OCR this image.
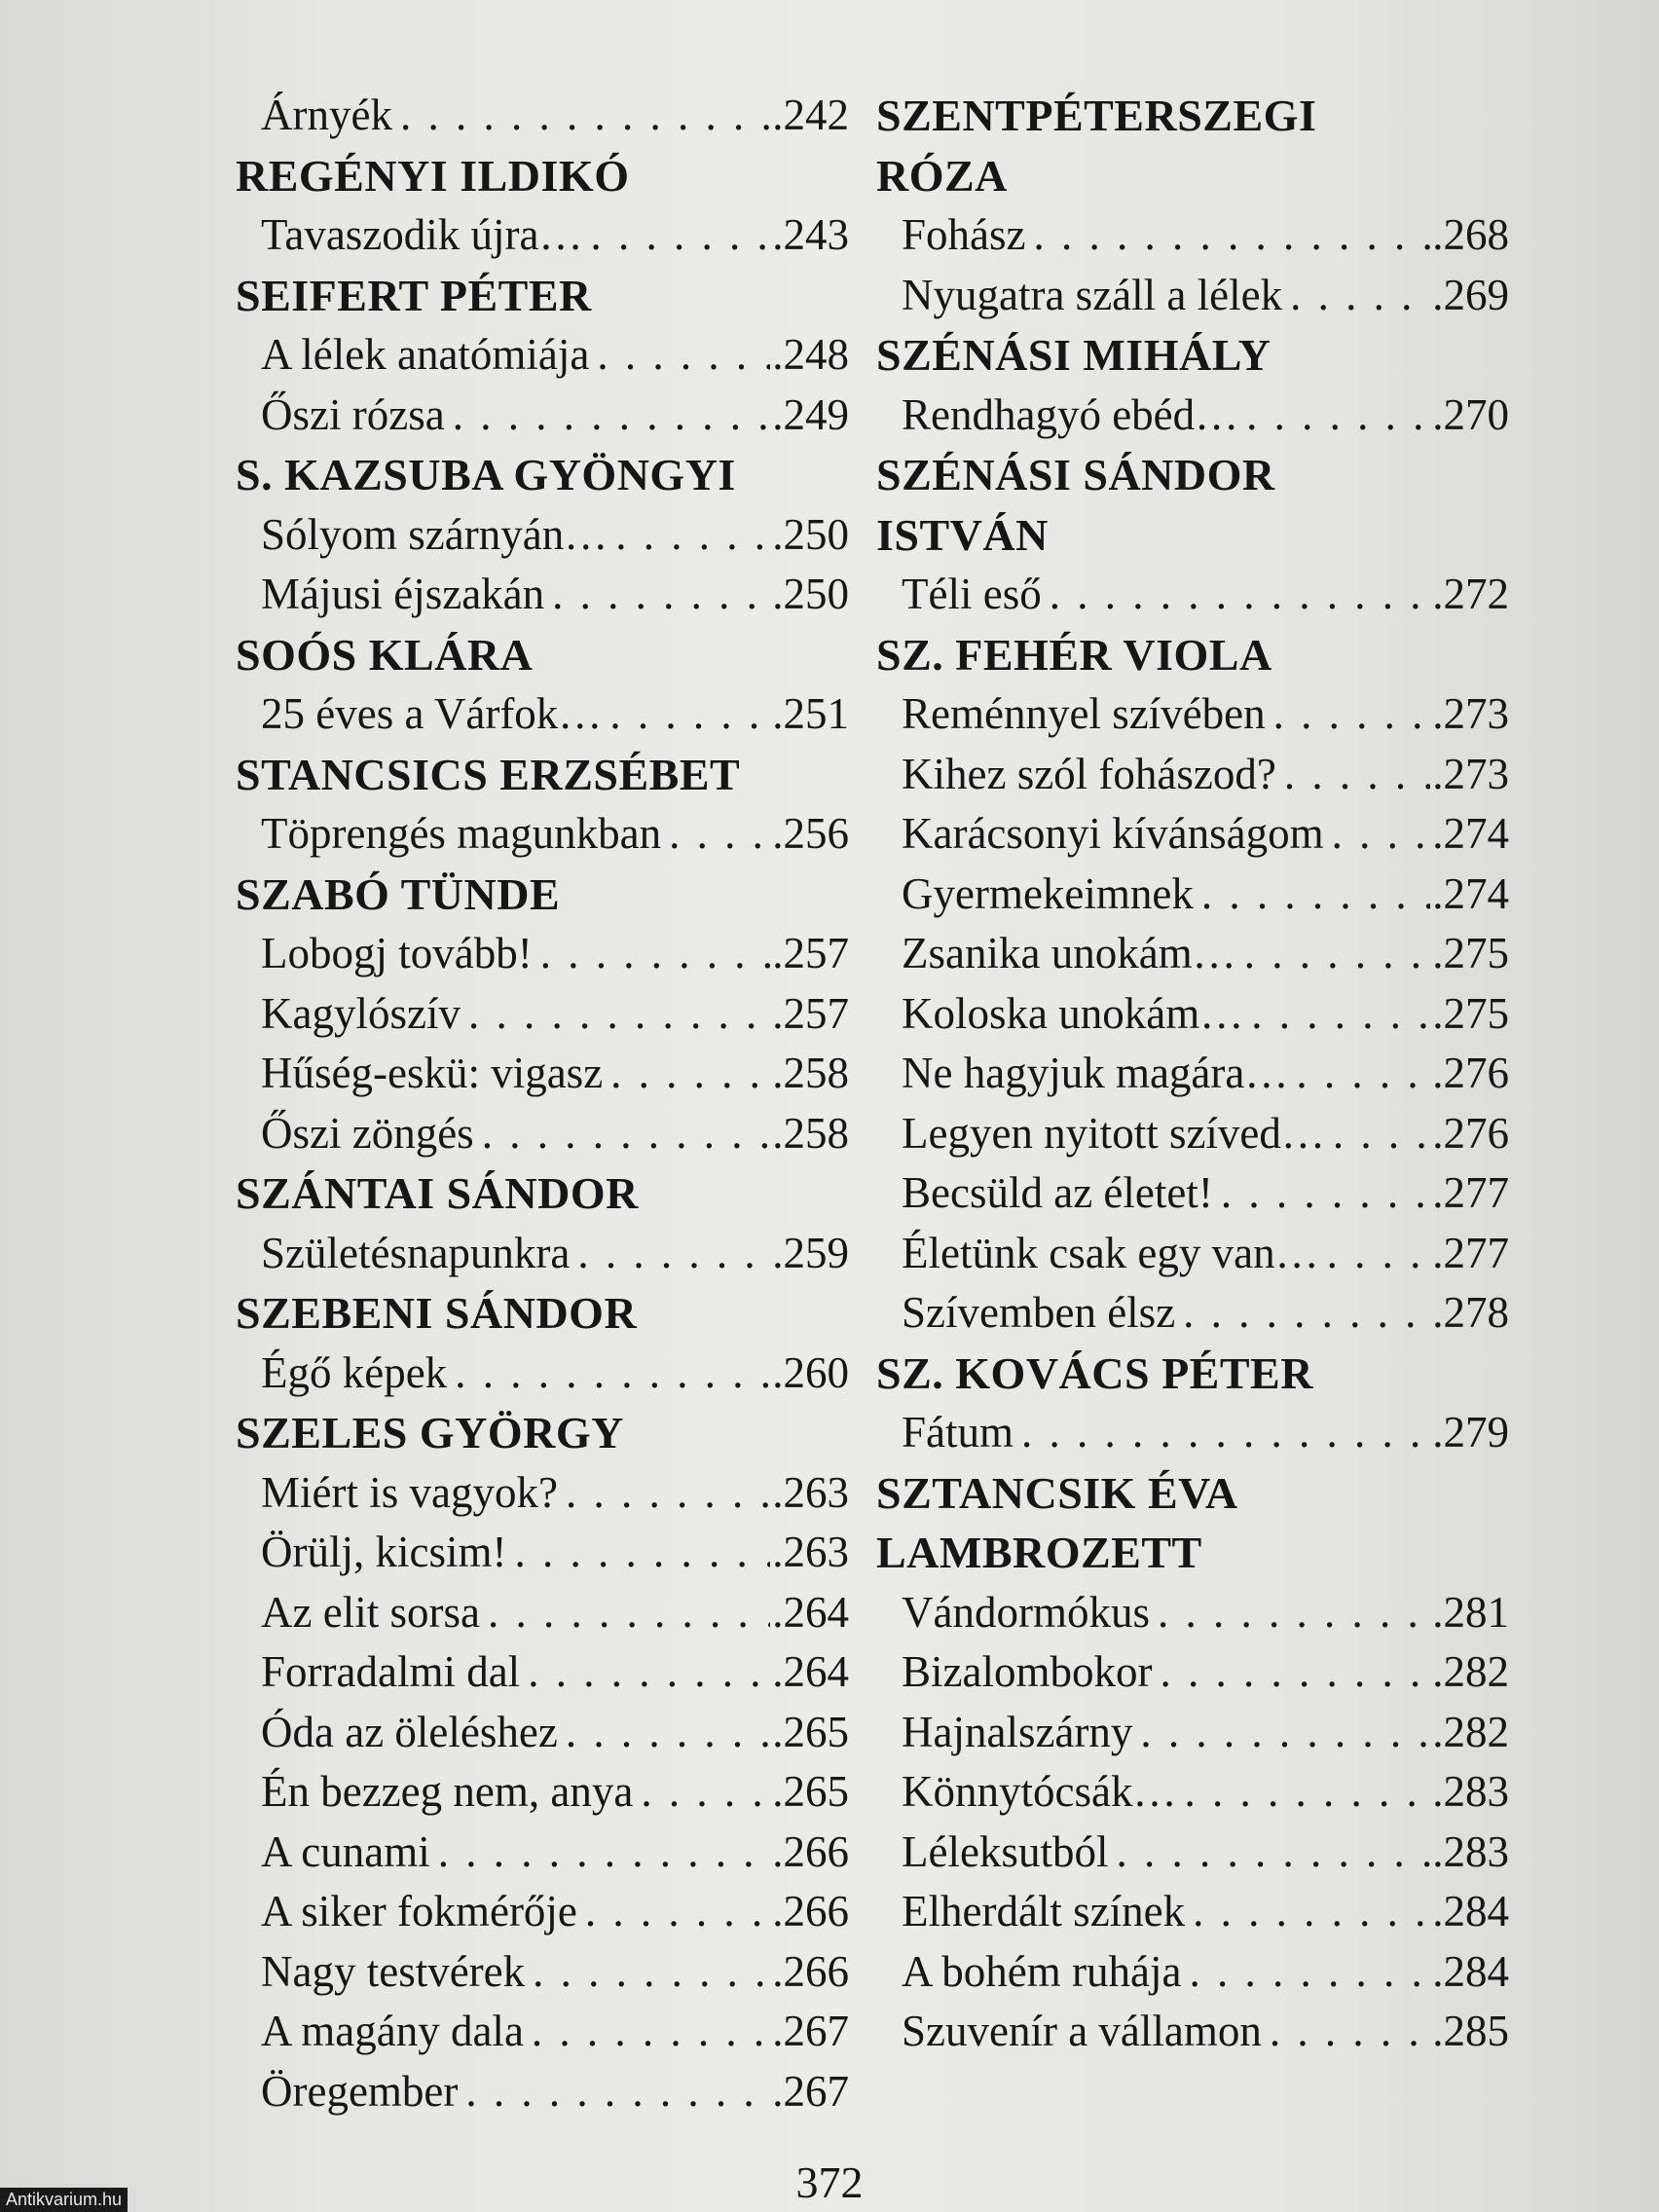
Árnyék . . .	.242
REGÉNYI ILDIKÓ
Tavaszodik újra… . . .	.243
SEIFERT PÉTER
A lélek anatómiája . . .	.248
Őszi rózsa . . .	.249
S. KAZSUBA GYÖNGYI
Sólyom szárnyán… . . .	.250
Májusi éjszakán . . .	.250
SOÓS KLÁRA
25 éves a Várfok… . . .	.251
STANCSICS ERZSÉBET
Töprengés magunkban . . .	.256
SZABÓ TÜNDE
Lobogj tovább! . . .	.257
Kagylószív . . .	.257
Hűség-eskü: vigasz . . .	.258
Őszi zöngés . . .	.258
SZÁNTAI SÁNDOR
Születésnapunkra . . .	.259
SZEBENI SÁNDOR
Égő képek . . .	.260
SZELES GYÖRGY
Miért is vagyok? . . .	.263
Örülj, kicsim! . . .	.263
Az elit sorsa . . .	.264
Forradalmi dal . . .	.264
Óda az öleléshez . . .	.265
Én bezzeg nem, anya . . .	.265
A cunami . . .	.266
A siker fokmérője . . .	.266
Nagy testvérek . . .	.266
A magány dala . . .	.267
Öregember . . .	.267
SZENTPÉTERSZEGI
RÓZA
Fohász . . .	.268
Nyugatra száll a lélek . . .	.269
SZÉNÁSI MIHÁLY
Rendhagyó ebéd… . . .	.270
SZÉNÁSI SÁNDOR
ISTVÁN
Téli eső . . .	.272
SZ. FEHÉR VIOLA
Reménnyel szívében . . .	.273
Kihez szól fohászod? . . .	.273
Karácsonyi kívánságom . . . .274
Gyermekeimnek . . .	.274
Zsanika unokám… . . .	.275
Koloska unokám… . . .	.275
Ne hagyjuk magára… . . .	.276
Legyen nyitott szíved… . . . .276
Becsüld az életet! . . .	.277
Életünk csak egy van… . . .	.277
Szívemben élsz . . .	.278
SZ. KOVÁCS PÉTER
Fátum . . .	.279
SZTANCSIK ÉVA
LAMBROZETT
Vándormókus . . .	.281
Bizalombokor . . .	.282
Hajnalszárny . . .	.282
Könnytócsák… . . .	.283
Léleksutból . . .	.283
Elherdált színek . . .	.284
A bohém ruhája . . .	.284
Szuvenír a vállamon . . .	.285
372
Antikvarium.hu
